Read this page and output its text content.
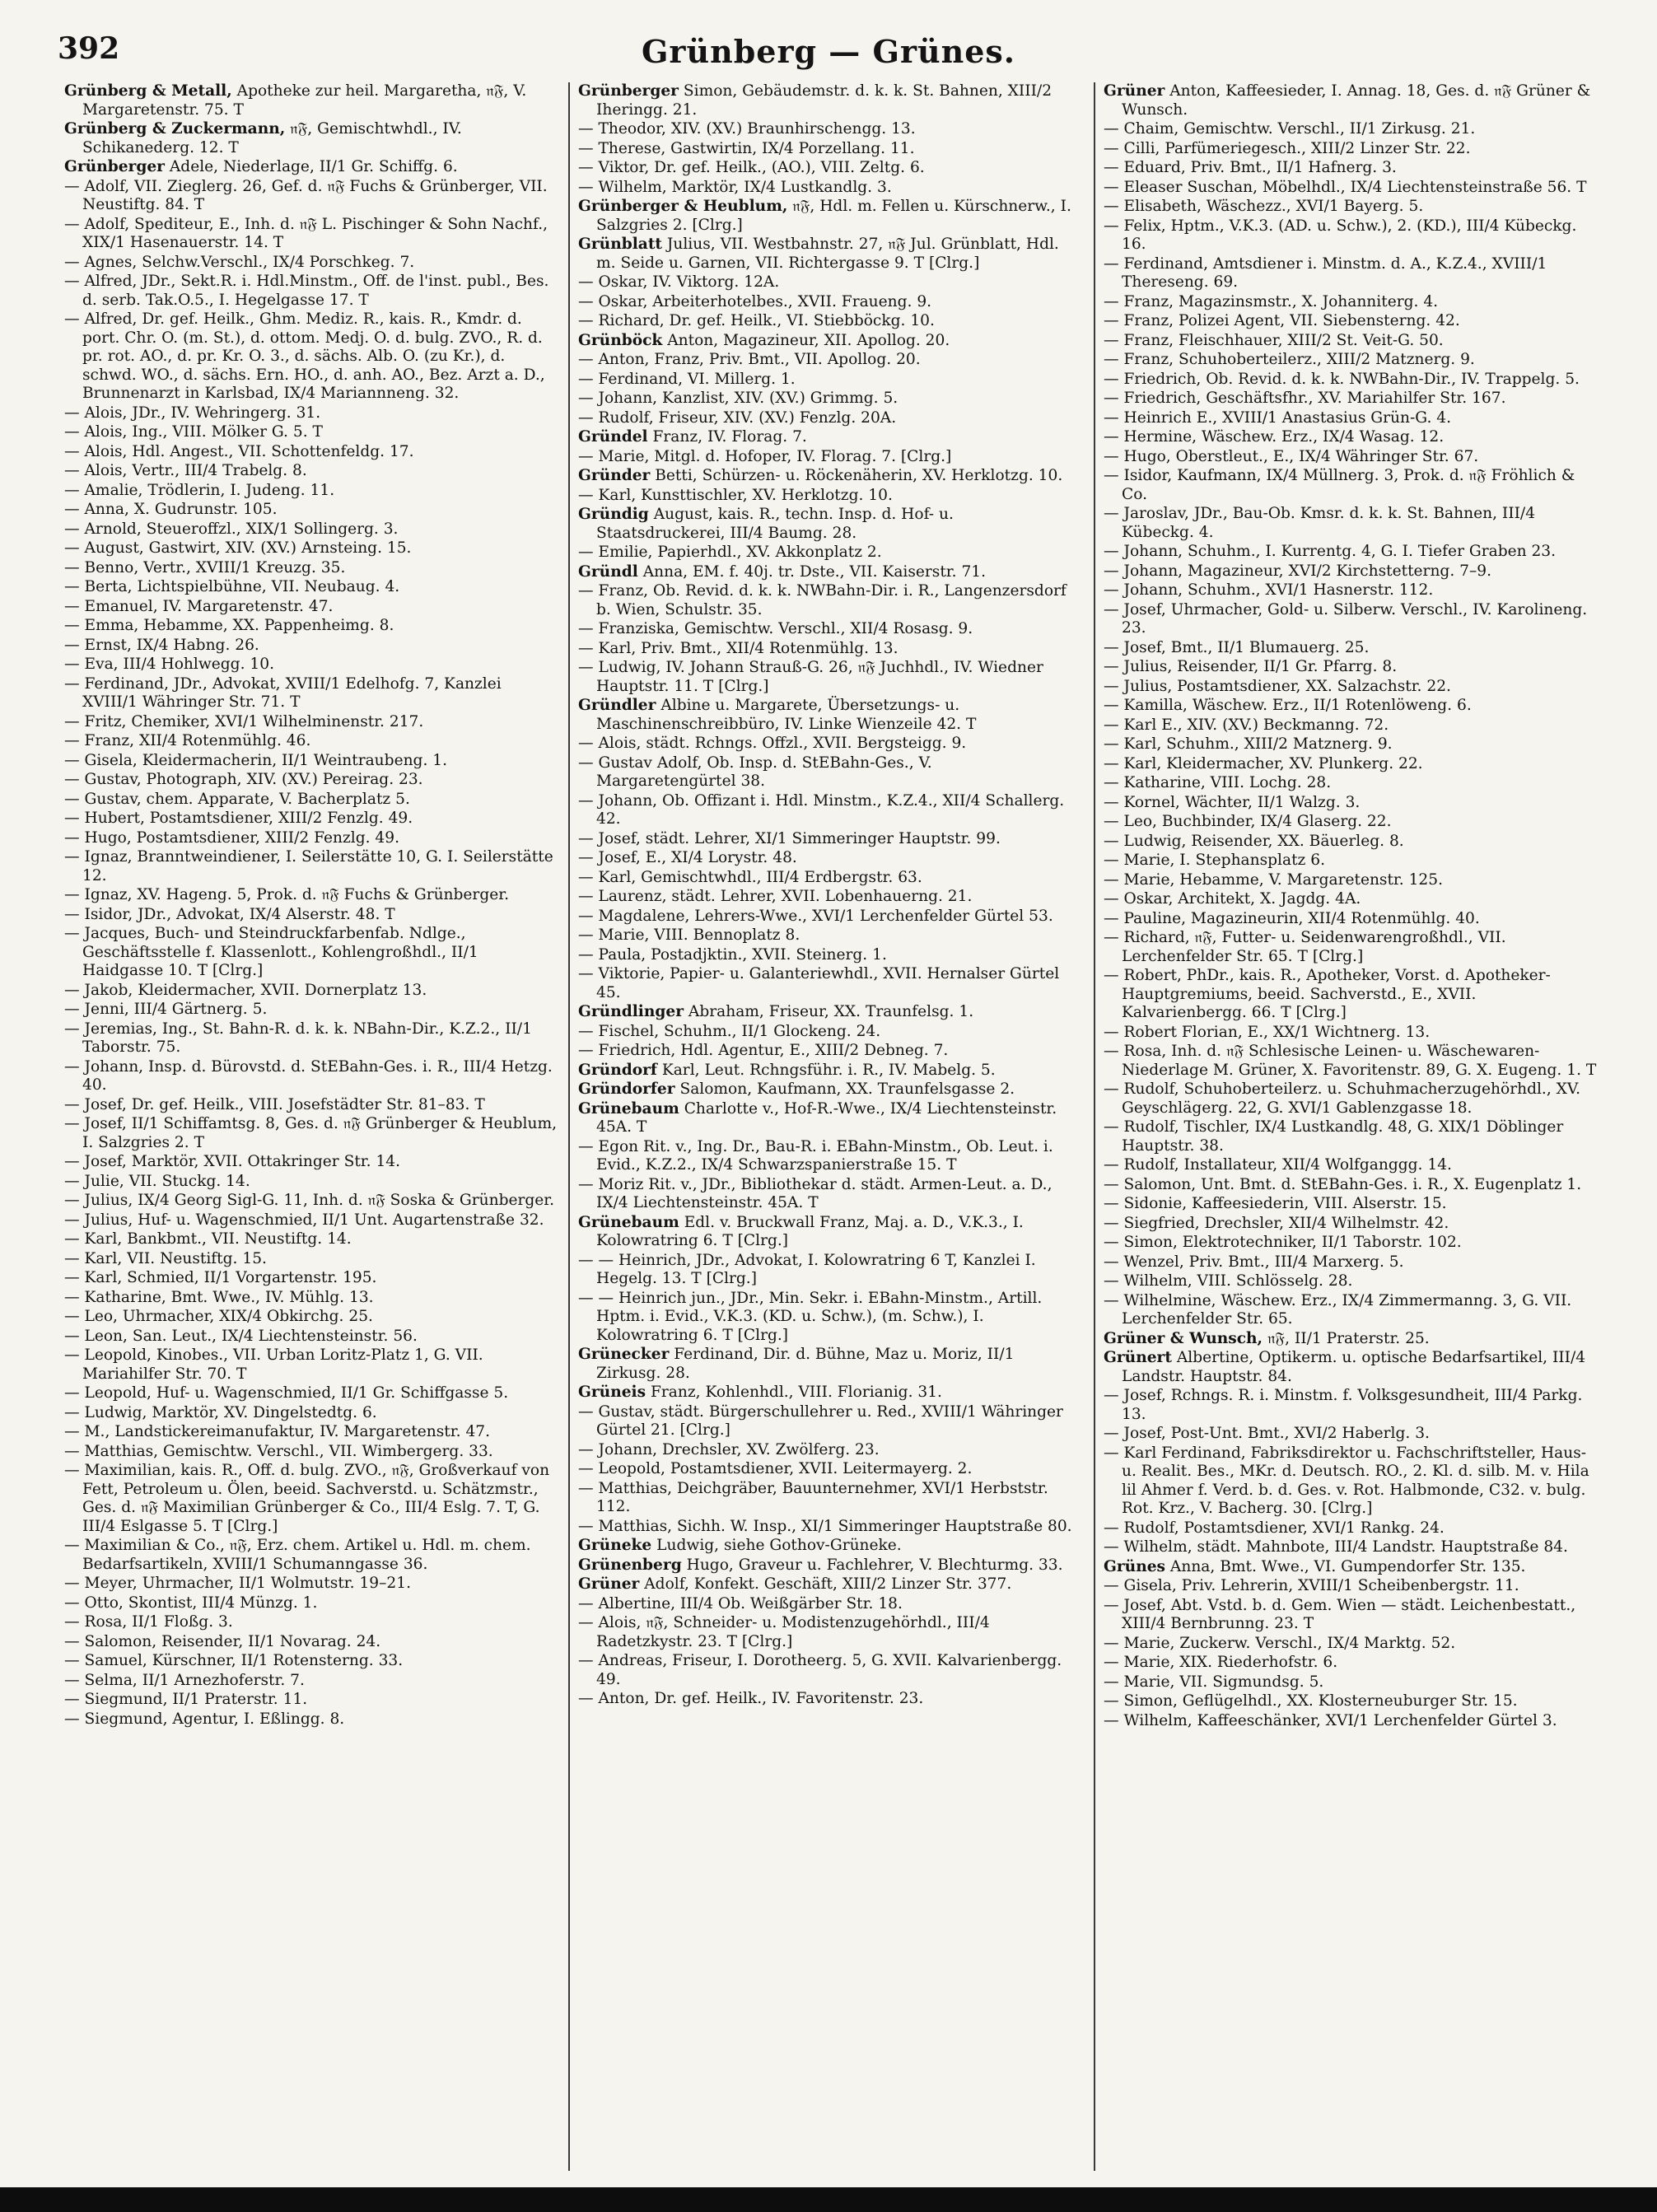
392	Grünberg — Grünes.
Grünberg & Metall, Apotheke zur heil. Margaretha, 𝔫𝔉, V. Margaretenstr. 75. T
Grünberg & Zuckermann, 𝔫𝔉, Gemischtwhdl., IV. Schikanederg. 12. T
Grünberger Adele, Niederlage, II/1 Gr. Schiffg. 6.
— Adolf, VII. Zieglerg. 26, Gef. d. 𝔫𝔉 Fuchs & Grünberger, VII. Neustiftg. 84. T
— Adolf, Spediteur, E., Inh. d. 𝔫𝔉 L. Pischinger & Sohn Nachf., XIX/1 Hasenauerstr. 14. T
— Agnes, Selchw.Verschl., IX/4 Porschkeg. 7.
— Alfred, JDr., Sekt.R. i. Hdl.Minstm., Off. de l'inst. publ., Bes. d. serb. Tak.O.5., I. Hegelgasse 17. T
— Alfred, Dr. gef. Heilk., Ghm. Mediz. R., kais. R., Kmdr. d. port. Chr. O. (m. St.), d. ottom. Medj. O. d. bulg. ZVO., R. d. pr. rot. AO., d. pr. Kr. O. 3., d. sächs. Alb. O. (zu Kr.), d. schwd. WO., d. sächs. Ern. HO., d. anh. AO., Bez. Arzt a. D., Brunnenarzt in Karlsbad, IX/4 Mariannneng. 32.
— Alois, JDr., IV. Wehringerg. 31.
— Alois, Ing., VIII. Mölker G. 5. T
— Alois, Hdl. Angest., VII. Schottenfeldg. 17.
— Alois, Vertr., III/4 Trabelg. 8.
— Amalie, Trödlerin, I. Judeng. 11.
— Anna, X. Gudrunstr. 105.
— Arnold, Steueroffzl., XIX/1 Sollingerg. 3.
— August, Gastwirt, XIV. (XV.) Arnsteing. 15.
— Benno, Vertr., XVIII/1 Kreuzg. 35.
— Berta, Lichtspielbühne, VII. Neubaug. 4.
— Emanuel, IV. Margaretenstr. 47.
— Emma, Hebamme, XX. Pappenheimg. 8.
— Ernst, IX/4 Habng. 26.
— Eva, III/4 Hohlwegg. 10.
— Ferdinand, JDr., Advokat, XVIII/1 Edelhofg. 7, Kanzlei XVIII/1 Währinger Str. 71. T
— Fritz, Chemiker, XVI/1 Wilhelminenstr. 217.
— Franz, XII/4 Rotenmühlg. 46.
— Gisela, Kleidermacherin, II/1 Weintraubeng. 1.
— Gustav, Photograph, XIV. (XV.) Pereirag. 23.
— Gustav, chem. Apparate, V. Bacherplatz 5.
— Hubert, Postamtsdiener, XIII/2 Fenzlg. 49.
— Hugo, Postamtsdiener, XIII/2 Fenzlg. 49.
— Ignaz, Branntweindiener, I. Seilerstätte 10, G. I. Seilerstätte 12.
— Ignaz, XV. Hageng. 5, Prok. d. 𝔫𝔉 Fuchs & Grünberger.
— Isidor, JDr., Advokat, IX/4 Alserstr. 48. T
— Jacques, Buch- und Steindruckfarbenfab. Ndlge., Geschäftsstelle f. Klassenlott., Kohlengroßhdl., II/1 Haidgasse 10. T [Clrg.]
— Jakob, Kleidermacher, XVII. Dornerplatz 13.
— Jenni, III/4 Gärtnerg. 5.
— Jeremias, Ing., St. Bahn-R. d. k. k. NBahn-Dir., K.Z.2., II/1 Taborstr. 75.
— Johann, Insp. d. Bürovstd. d. StEBahn-Ges. i. R., III/4 Hetzg. 40.
— Josef, Dr. gef. Heilk., VIII. Josefstädter Str. 81–83. T
— Josef, II/1 Schiffamtsg. 8, Ges. d. 𝔫𝔉 Grünberger & Heublum, I. Salzgries 2. T
— Josef, Marktör, XVII. Ottakringer Str. 14.
— Julie, VII. Stuckg. 14.
— Julius, IX/4 Georg Sigl-G. 11, Inh. d. 𝔫𝔉 Soska & Grünberger.
— Julius, Huf- u. Wagenschmied, II/1 Unt. Augartenstraße 32.
— Karl, Bankbmt., VII. Neustiftg. 14.
— Karl, VII. Neustiftg. 15.
— Karl, Schmied, II/1 Vorgartenstr. 195.
— Katharine, Bmt. Wwe., IV. Mühlg. 13.
— Leo, Uhrmacher, XIX/4 Obkirchg. 25.
— Leon, San. Leut., IX/4 Liechtensteinstr. 56.
— Leopold, Kinobes., VII. Urban Loritz-Platz 1, G. VII. Mariahilfer Str. 70. T
— Leopold, Huf- u. Wagenschmied, II/1 Gr. Schiffgasse 5.
— Ludwig, Marktör, XV. Dingelstedtg. 6.
— M., Landstickereimanufaktur, IV. Margaretenstr. 47.
— Matthias, Gemischtw. Verschl., VII. Wimbergerg. 33.
— Maximilian, kais. R., Off. d. bulg. ZVO., 𝔫𝔉, Großverkauf von Fett, Petroleum u. Ölen, beeid. Sachverstd. u. Schätzmstr., Ges. d. 𝔫𝔉 Maximilian Grünberger & Co., III/4 Eslg. 7. T, G. III/4 Eslgasse 5. T [Clrg.]
— Maximilian & Co., 𝔫𝔉, Erz. chem. Artikel u. Hdl. m. chem. Bedarfsartikeln, XVIII/1 Schumanngasse 36.
— Meyer, Uhrmacher, II/1 Wolmutstr. 19–21.
— Otto, Skontist, III/4 Münzg. 1.
— Rosa, II/1 Floßg. 3.
— Salomon, Reisender, II/1 Novarag. 24.
— Samuel, Kürschner, II/1 Rotensterng. 33.
— Selma, II/1 Arnezhoferstr. 7.
— Siegmund, II/1 Praterstr. 11.
— Siegmund, Agentur, I. Eßlingg. 8.
Grünberger Simon, Gebäudemstr. d. k. k. St. Bahnen, XIII/2 Iheringg. 21.
— Theodor, XIV. (XV.) Braunhirschengg. 13.
— Therese, Gastwirtin, IX/4 Porzellang. 11.
— Viktor, Dr. gef. Heilk., (AO.), VIII. Zeltg. 6.
— Wilhelm, Marktör, IX/4 Lustkandlg. 3.
Grünberger & Heublum, 𝔫𝔉, Hdl. m. Fellen u. Kürschnerw., I. Salzgries 2. [Clrg.]
Grünblatt Julius, VII. Westbahnstr. 27, 𝔫𝔉 Jul. Grünblatt, Hdl. m. Seide u. Garnen, VII. Richtergasse 9. T [Clrg.]
— Oskar, IV. Viktorg. 12A.
— Oskar, Arbeiterhotelbes., XVII. Fraueng. 9.
— Richard, Dr. gef. Heilk., VI. Stiebböckg. 10.
Grünböck Anton, Magazineur, XII. Apollog. 20.
— Anton, Franz, Priv. Bmt., VII. Apollog. 20.
— Ferdinand, VI. Millerg. 1.
— Johann, Kanzlist, XIV. (XV.) Grimmg. 5.
— Rudolf, Friseur, XIV. (XV.) Fenzlg. 20A.
Gründel Franz, IV. Florag. 7.
— Marie, Mitgl. d. Hofoper, IV. Florag. 7. [Clrg.]
Gründer Betti, Schürzen- u. Röckenäherin, XV. Herklotzg. 10.
— Karl, Kunsttischler, XV. Herklotzg. 10.
Gründig August, kais. R., techn. Insp. d. Hof- u. Staatsdruckerei, III/4 Baumg. 28.
— Emilie, Papierhdl., XV. Akkonplatz 2.
Gründl Anna, EM. f. 40j. tr. Dste., VII. Kaiserstr. 71.
— Franz, Ob. Revid. d. k. k. NWBahn-Dir. i. R., Langenzersdorf b. Wien, Schulstr. 35.
— Franziska, Gemischtw. Verschl., XII/4 Rosasg. 9.
— Karl, Priv. Bmt., XII/4 Rotenmühlg. 13.
— Ludwig, IV. Johann Strauß-G. 26, 𝔫𝔉 Juchhdl., IV. Wiedner Hauptstr. 11. T [Clrg.]
Gründler Albine u. Margarete, Übersetzungs- u. Maschinenschreibbüro, IV. Linke Wienzeile 42. T
— Alois, städt. Rchngs. Offzl., XVII. Bergsteigg. 9.
— Gustav Adolf, Ob. Insp. d. StEBahn-Ges., V. Margaretengürtel 38.
— Johann, Ob. Offizant i. Hdl. Minstm., K.Z.4., XII/4 Schallerg. 42.
— Josef, städt. Lehrer, XI/1 Simmeringer Hauptstr. 99.
— Josef, E., XI/4 Lorystr. 48.
— Karl, Gemischtwhdl., III/4 Erdbergstr. 63.
— Laurenz, städt. Lehrer, XVII. Lobenhauerng. 21.
— Magdalene, Lehrers-Wwe., XVI/1 Lerchenfelder Gürtel 53.
— Marie, VIII. Bennoplatz 8.
— Paula, Postadjktin., XVII. Steinerg. 1.
— Viktorie, Papier- u. Galanteriewhdl., XVII. Hernalser Gürtel 45.
Gründlinger Abraham, Friseur, XX. Traunfelsg. 1.
— Fischel, Schuhm., II/1 Glockeng. 24.
— Friedrich, Hdl. Agentur, E., XIII/2 Debneg. 7.
Gründorf Karl, Leut. Rchngsführ. i. R., IV. Mabelg. 5.
Gründorfer Salomon, Kaufmann, XX. Traunfelsgasse 2.
Grünebaum Charlotte v., Hof-R.-Wwe., IX/4 Liechtensteinstr. 45A. T
— Egon Rit. v., Ing. Dr., Bau-R. i. EBahn-Minstm., Ob. Leut. i. Evid., K.Z.2., IX/4 Schwarzspanierstraße 15. T
— Moriz Rit. v., JDr., Bibliothekar d. städt. Armen-Leut. a. D., IX/4 Liechtensteinstr. 45A. T
Grünebaum Edl. v. Bruckwall Franz, Maj. a. D., V.K.3., I. Kolowratring 6. T [Clrg.]
— — Heinrich, JDr., Advokat, I. Kolowratring 6 T, Kanzlei I. Hegelg. 13. T [Clrg.]
— — Heinrich jun., JDr., Min. Sekr. i. EBahn-Minstm., Artill. Hptm. i. Evid., V.K.3. (KD. u. Schw.), (m. Schw.), I. Kolowratring 6. T [Clrg.]
Grünecker Ferdinand, Dir. d. Bühne, Maz u. Moriz, II/1 Zirkusg. 28.
Grüneis Franz, Kohlenhdl., VIII. Florianig. 31.
— Gustav, städt. Bürgerschullehrer u. Red., XVIII/1 Währinger Gürtel 21. [Clrg.]
— Johann, Drechsler, XV. Zwölferg. 23.
— Leopold, Postamtsdiener, XVII. Leitermayerg. 2.
— Matthias, Deichgräber, Bauunternehmer, XVI/1 Herbststr. 112.
— Matthias, Sichh. W. Insp., XI/1 Simmeringer Hauptstraße 80.
Grüneke Ludwig, siehe Gothov-Grüneke.
Grünenberg Hugo, Graveur u. Fachlehrer, V. Blechturmg. 33.
Grüner Adolf, Konfekt. Geschäft, XIII/2 Linzer Str. 377.
— Albertine, III/4 Ob. Weißgärber Str. 18.
— Alois, 𝔫𝔉, Schneider- u. Modistenzugehörhdl., III/4 Radetzkystr. 23. T [Clrg.]
— Andreas, Friseur, I. Dorotheerg. 5, G. XVII. Kalvarienbergg. 49.
— Anton, Dr. gef. Heilk., IV. Favoritenstr. 23.
Grüner Anton, Kaffeesieder, I. Annag. 18, Ges. d. 𝔫𝔉 Grüner & Wunsch.
— Chaim, Gemischtw. Verschl., II/1 Zirkusg. 21.
— Cilli, Parfümeriegesch., XIII/2 Linzer Str. 22.
— Eduard, Priv. Bmt., II/1 Hafnerg. 3.
— Eleaser Suschan, Möbelhdl., IX/4 Liechtensteinstraße 56. T
— Elisabeth, Wäschezz., XVI/1 Bayerg. 5.
— Felix, Hptm., V.K.3. (AD. u. Schw.), 2. (KD.), III/4 Kübeckg. 16.
— Ferdinand, Amtsdiener i. Minstm. d. A., K.Z.4., XVIII/1 Thereseng. 69.
— Franz, Magazinsmstr., X. Johanniterg. 4.
— Franz, Polizei Agent, VII. Siebensterng. 42.
— Franz, Fleischhauer, XIII/2 St. Veit-G. 50.
— Franz, Schuhoberteilerz., XIII/2 Matznerg. 9.
— Friedrich, Ob. Revid. d. k. k. NWBahn-Dir., IV. Trappelg. 5.
— Friedrich, Geschäftsfhr., XV. Mariahilfer Str. 167.
— Heinrich E., XVIII/1 Anastasius Grün-G. 4.
— Hermine, Wäschew. Erz., IX/4 Wasag. 12.
— Hugo, Oberstleut., E., IX/4 Währinger Str. 67.
— Isidor, Kaufmann, IX/4 Müllnerg. 3, Prok. d. 𝔫𝔉 Fröhlich & Co.
— Jaroslav, JDr., Bau-Ob. Kmsr. d. k. k. St. Bahnen, III/4 Kübeckg. 4.
— Johann, Schuhm., I. Kurrentg. 4, G. I. Tiefer Graben 23.
— Johann, Magazineur, XVI/2 Kirchstetterng. 7–9.
— Johann, Schuhm., XVI/1 Hasnerstr. 112.
— Josef, Uhrmacher, Gold- u. Silberw. Verschl., IV. Karolineng. 23.
— Josef, Bmt., II/1 Blumauerg. 25.
— Julius, Reisender, II/1 Gr. Pfarrg. 8.
— Julius, Postamtsdiener, XX. Salzachstr. 22.
— Kamilla, Wäschew. Erz., II/1 Rotenlöweng. 6.
— Karl E., XIV. (XV.) Beckmanng. 72.
— Karl, Schuhm., XIII/2 Matznerg. 9.
— Karl, Kleidermacher, XV. Plunkerg. 22.
— Katharine, VIII. Lochg. 28.
— Kornel, Wächter, II/1 Walzg. 3.
— Leo, Buchbinder, IX/4 Glaserg. 22.
— Ludwig, Reisender, XX. Bäuerleg. 8.
— Marie, I. Stephansplatz 6.
— Marie, Hebamme, V. Margaretenstr. 125.
— Oskar, Architekt, X. Jagdg. 4A.
— Pauline, Magazineurin, XII/4 Rotenmühlg. 40.
— Richard, 𝔫𝔉, Futter- u. Seidenwarengroßhdl., VII. Lerchenfelder Str. 65. T [Clrg.]
— Robert, PhDr., kais. R., Apotheker, Vorst. d. Apotheker-Hauptgremiums, beeid. Sachverstd., E., XVII. Kalvarienbergg. 66. T [Clrg.]
— Robert Florian, E., XX/1 Wichtnerg. 13.
— Rosa, Inh. d. 𝔫𝔉 Schlesische Leinen- u. Wäschewaren-Niederlage M. Grüner, X. Favoritenstr. 89, G. X. Eugeng. 1. T
— Rudolf, Schuhoberteilerz. u. Schuhmacherzugehörhdl., XV. Geyschlägerg. 22, G. XVI/1 Gablenzgasse 18.
— Rudolf, Tischler, IX/4 Lustkandlg. 48, G. XIX/1 Döblinger Hauptstr. 38.
— Rudolf, Installateur, XII/4 Wolfganggg. 14.
— Salomon, Unt. Bmt. d. StEBahn-Ges. i. R., X. Eugenplatz 1.
— Sidonie, Kaffeesiederin, VIII. Alserstr. 15.
— Siegfried, Drechsler, XII/4 Wilhelmstr. 42.
— Simon, Elektrotechniker, II/1 Taborstr. 102.
— Wenzel, Priv. Bmt., III/4 Marxerg. 5.
— Wilhelm, VIII. Schlösselg. 28.
— Wilhelmine, Wäschew. Erz., IX/4 Zimmermanng. 3, G. VII. Lerchenfelder Str. 65.
Grüner & Wunsch, 𝔫𝔉, II/1 Praterstr. 25.
Grünert Albertine, Optikerm. u. optische Bedarfsartikel, III/4 Landstr. Hauptstr. 84.
— Josef, Rchngs. R. i. Minstm. f. Volksgesundheit, III/4 Parkg. 13.
— Josef, Post-Unt. Bmt., XVI/2 Haberlg. 3.
— Karl Ferdinand, Fabriksdirektor u. Fachschriftsteller, Haus- u. Realit. Bes., MKr. d. Deutsch. RO., 2. Kl. d. silb. M. v. Hila lil Ahmer f. Verd. b. d. Ges. v. Rot. Halbmonde, C32. v. bulg. Rot. Krz., V. Bacherg. 30. [Clrg.]
— Rudolf, Postamtsdiener, XVI/1 Rankg. 24.
— Wilhelm, städt. Mahnbote, III/4 Landstr. Hauptstraße 84.
Grünes Anna, Bmt. Wwe., VI. Gumpendorfer Str. 135.
— Gisela, Priv. Lehrerin, XVIII/1 Scheibenbergstr. 11.
— Josef, Abt. Vstd. b. d. Gem. Wien — städt. Leichenbestatt., XIII/4 Bernbrunng. 23. T
— Marie, Zuckerw. Verschl., IX/4 Marktg. 52.
— Marie, XIX. Riederhofstr. 6.
— Marie, VII. Sigmundsg. 5.
— Simon, Geflügelhdl., XX. Klosterneuburger Str. 15.
— Wilhelm, Kaffeeschänker, XVI/1 Lerchenfelder Gürtel 3.
